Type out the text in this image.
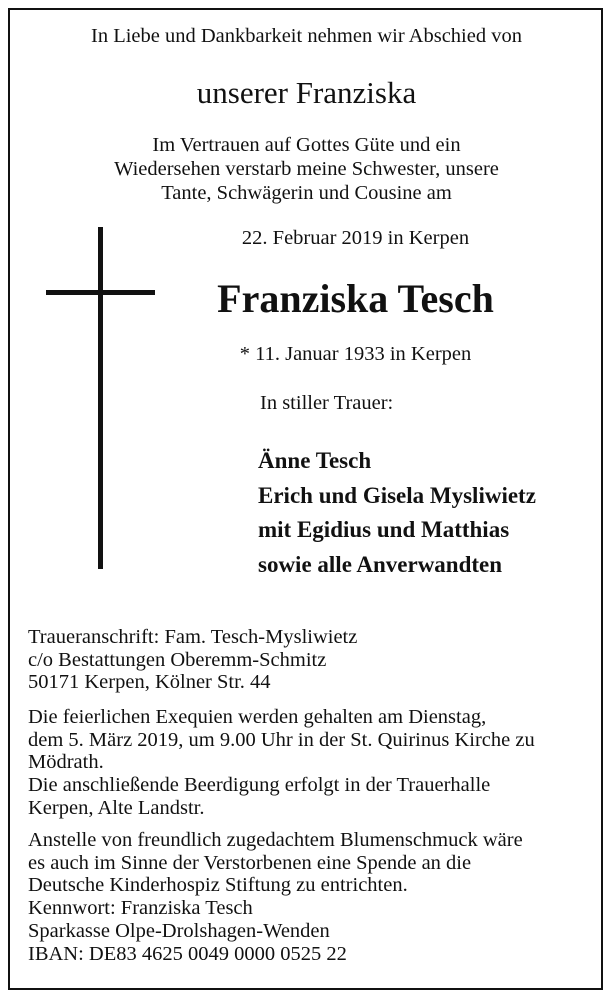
In Liebe und Dankbarkeit nehmen wir Abschied von
unserer Franziska
Im Vertrauen auf Gottes Güte und ein
Wiedersehen verstarb meine Schwester, unsere
Tante, Schwägerin und Cousine am
22. Februar 2019 in Kerpen
Franziska Tesch
* 11. Januar 1933 in Kerpen
In stiller Trauer:
Änne Tesch
Erich und Gisela Mysliwietz
mit Egidius und Matthias
sowie alle Anverwandten
Traueranschrift: Fam. Tesch-Mysliwietz
c/o Bestattungen Oberemm-Schmitz
50171 Kerpen, Kölner Str. 44
Die feierlichen Exequien werden gehalten am Dienstag,
dem 5. März 2019, um 9.00 Uhr in der St. Quirinus Kirche zu
Mödrath.
Die anschließende Beerdigung erfolgt in der Trauerhalle
Kerpen, Alte Landstr.
Anstelle von freundlich zugedachtem Blumenschmuck wäre
es auch im Sinne der Verstorbenen eine Spende an die
Deutsche Kinderhospiz Stiftung zu entrichten.
Kennwort: Franziska Tesch
Sparkasse Olpe-Drolshagen-Wenden
IBAN: DE83 4625 0049 0000 0525 22
